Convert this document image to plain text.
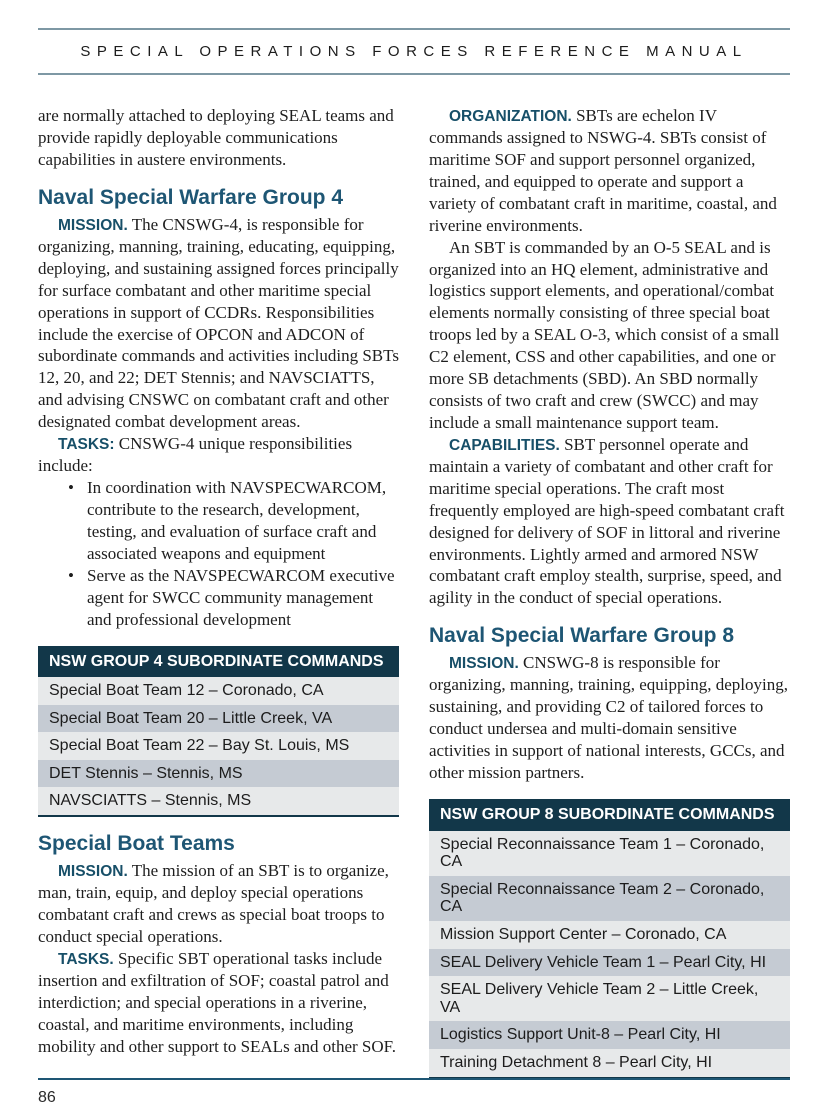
SPECIAL OPERATIONS FORCES REFERENCE MANUAL

are normally attached to deploying SEAL teams and provide rapidly deployable communications capabilities in austere environments.

Naval Special Warfare Group 4

MISSION. The CNSWG-4, is responsible for organizing, manning, training, educating, equipping, deploying, and sustaining assigned forces principally for surface combatant and other maritime special operations in support of CCDRs. Responsibilities include the exercise of OPCON and ADCON of subordinate commands and activities including SBTs 12, 20, and 22; DET Stennis; and NAVSCIATTS, and advising CNSWC on combatant craft and other designated combat development areas.

TASKS: CNSWG-4 unique responsibilities include:

• In coordination with NAVSPECWARCOM, contribute to the research, development, testing, and evaluation of surface craft and associated weapons and equipment
• Serve as the NAVSPECWARCOM executive agent for SWCC community management and professional development
NSW GROUP 4 SUBORDINATE COMMANDS
Special Boat Team 12 – Coronado, CA
Special Boat Team 20 – Little Creek, VA
Special Boat Team 22 – Bay St. Louis, MS
DET Stennis – Stennis, MS
NAVSCIATTS – Stennis, MS
Special Boat Teams

MISSION. The mission of an SBT is to organize, man, train, equip, and deploy special operations combatant craft and crews as special boat troops to conduct special operations.

TASKS. Specific SBT operational tasks include insertion and exfiltration of SOF; coastal patrol and interdiction; and special operations in a riverine, coastal, and maritime environments, including mobility and other support to SEALs and other SOF.

ORGANIZATION. SBTs are echelon IV commands assigned to NSWG-4. SBTs consist of maritime SOF and support personnel organized, trained, and equipped to operate and support a variety of combatant craft in maritime, coastal, and riverine environments.

An SBT is commanded by an O-5 SEAL and is organized into an HQ element, administrative and logistics support elements, and operational/combat elements normally consisting of three special boat troops led by a SEAL O-3, which consist of a small C2 element, CSS and other capabilities, and one or more SB detachments (SBD). An SBD normally consists of two craft and crew (SWCC) and may include a small maintenance support team.

CAPABILITIES. SBT personnel operate and maintain a variety of combatant and other craft for maritime special operations. The craft most frequently employed are high-speed combatant craft designed for delivery of SOF in littoral and riverine environments. Lightly armed and armored NSW combatant craft employ stealth, surprise, speed, and agility in the conduct of special operations.

Naval Special Warfare Group 8

MISSION. CNSWG-8 is responsible for organizing, manning, training, equipping, deploying, sustaining, and providing C2 of tailored forces to conduct undersea and multi-domain sensitive activities in support of national interests, GCCs, and other mission partners.

NSW GROUP 8 SUBORDINATE COMMANDS
Special Reconnaissance Team 1 – Coronado, CA
Special Reconnaissance Team 2 – Coronado, CA
Mission Support Center – Coronado, CA
SEAL Delivery Vehicle Team 1 – Pearl City, HI
SEAL Delivery Vehicle Team 2 – Little Creek, VA
Logistics Support Unit-8 – Pearl City, HI
Training Detachment 8 – Pearl City, HI
86
